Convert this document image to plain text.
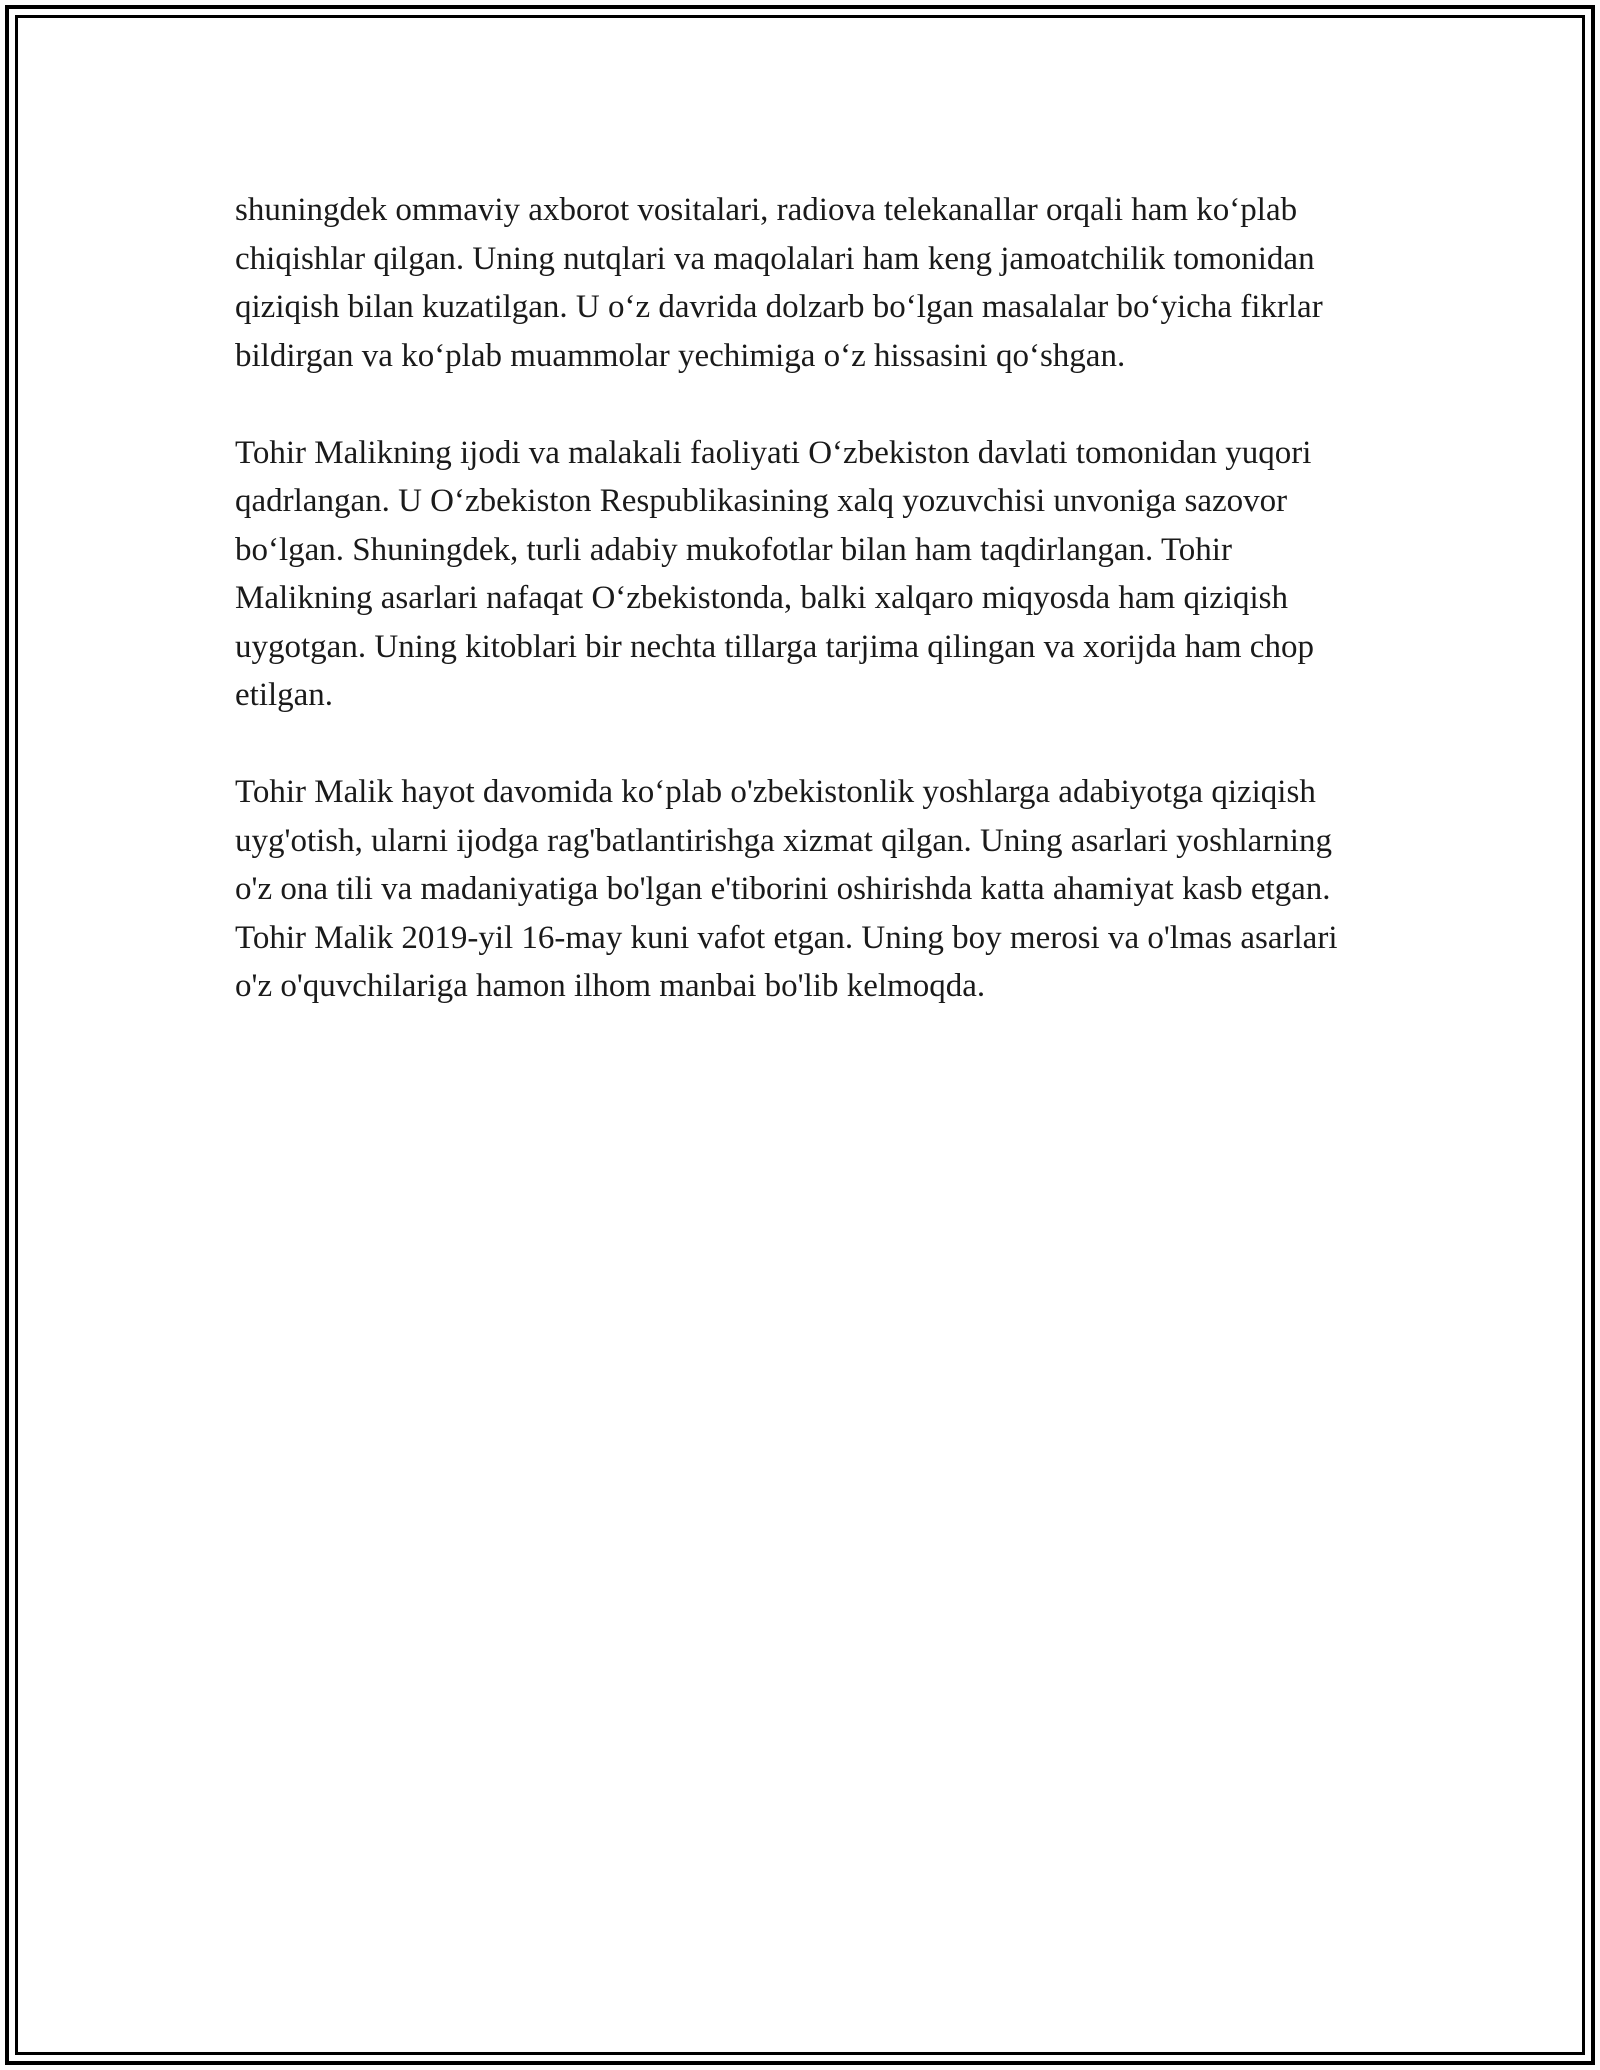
shuningdek ommaviy axborot vositalari, radiova telekanallar orqali ham ko‘plab chiqishlar qilgan. Uning nutqlari va maqolalari ham keng jamoatchilik tomonidan qiziqish bilan kuzatilgan. U o‘z davrida dolzarb bo‘lgan masalalar bo‘yicha fikrlar bildirgan va ko‘plab muammolar yechimiga o‘z hissasini qo‘shgan.

Tohir Malikning ijodi va malakali faoliyati O‘zbekiston davlati tomonidan yuqori qadrlangan. U O‘zbekiston Respublikasining xalq yozuvchisi unvoniga sazovor bo‘lgan. Shuningdek, turli adabiy mukofotlar bilan ham taqdirlangan. Tohir Malikning asarlari nafaqat O‘zbekistonda, balki xalqaro miqyosda ham qiziqish uygotgan. Uning kitoblari bir nechta tillarga tarjima qilingan va xorijda ham chop etilgan.

Tohir Malik hayot davomida ko‘plab o'zbekistonlik yoshlarga adabiyotga qiziqish uyg'otish, ularni ijodga rag'batlantirishga xizmat qilgan. Uning asarlari yoshlarning o'z ona tili va madaniyatiga bo'lgan e'tiborini oshirishda katta ahamiyat kasb etgan. Tohir Malik 2019-yil 16-may kuni vafot etgan. Uning boy merosi va o'lmas asarlari o'z o'quvchilariga hamon ilhom manbai bo'lib kelmoqda.
